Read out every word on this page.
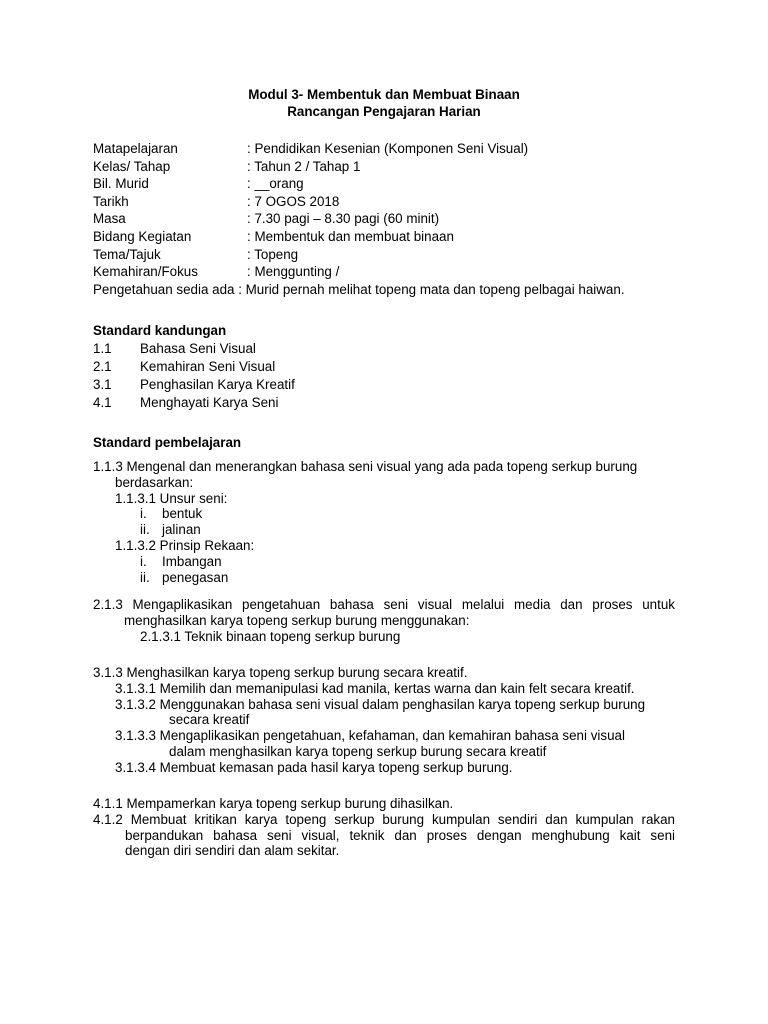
Modul 3- Membentuk dan Membuat Binaan
Rancangan Pengajaran Harian
Matapelajaran	: Pendidikan Kesenian (Komponen Seni Visual)
Kelas/ Tahap	: Tahun 2 / Tahap 1
Bil. Murid	: __orang
Tarikh	: 7 OGOS 2018
Masa	: 7.30 pagi – 8.30 pagi (60 minit)
Bidang Kegiatan	: Membentuk dan membuat binaan
Tema/Tajuk	: Topeng
Kemahiran/Fokus	: Menggunting /
Pengetahuan sedia ada : Murid pernah melihat topeng mata dan topeng pelbagai haiwan.
Standard kandungan
1.1 Bahasa Seni Visual
2.1 Kemahiran Seni Visual
3.1 Penghasilan Karya Kreatif
4.1 Menghayati Karya Seni
Standard pembelajaran
1.1.3 Mengenal dan menerangkan bahasa seni visual yang ada pada topeng serkup burung
berdasarkan:
1.1.3.1 Unsur seni:
i. bentuk
ii. jalinan
1.1.3.2 Prinsip Rekaan:
i. Imbangan
ii. penegasan
2.1.3 Mengaplikasikan pengetahuan bahasa seni visual melalui media dan proses untuk
menghasilkan karya topeng serkup burung menggunakan:
2.1.3.1 Teknik binaan topeng serkup burung
3.1.3 Menghasilkan karya topeng serkup burung secara kreatif.
3.1.3.1 Memilih dan memanipulasi kad manila, kertas warna dan kain felt secara kreatif.
3.1.3.2 Menggunakan bahasa seni visual dalam penghasilan karya topeng serkup burung
secara kreatif
3.1.3.3 Mengaplikasikan pengetahuan, kefahaman, dan kemahiran bahasa seni visual
dalam menghasilkan karya topeng serkup burung secara kreatif
3.1.3.4 Membuat kemasan pada hasil karya topeng serkup burung.
4.1.1 Mempamerkan karya topeng serkup burung dihasilkan.
4.1.2 Membuat kritikan karya topeng serkup burung kumpulan sendiri dan kumpulan rakan
berpandukan bahasa seni visual, teknik dan proses dengan menghubung kait seni
dengan diri sendiri dan alam sekitar.
